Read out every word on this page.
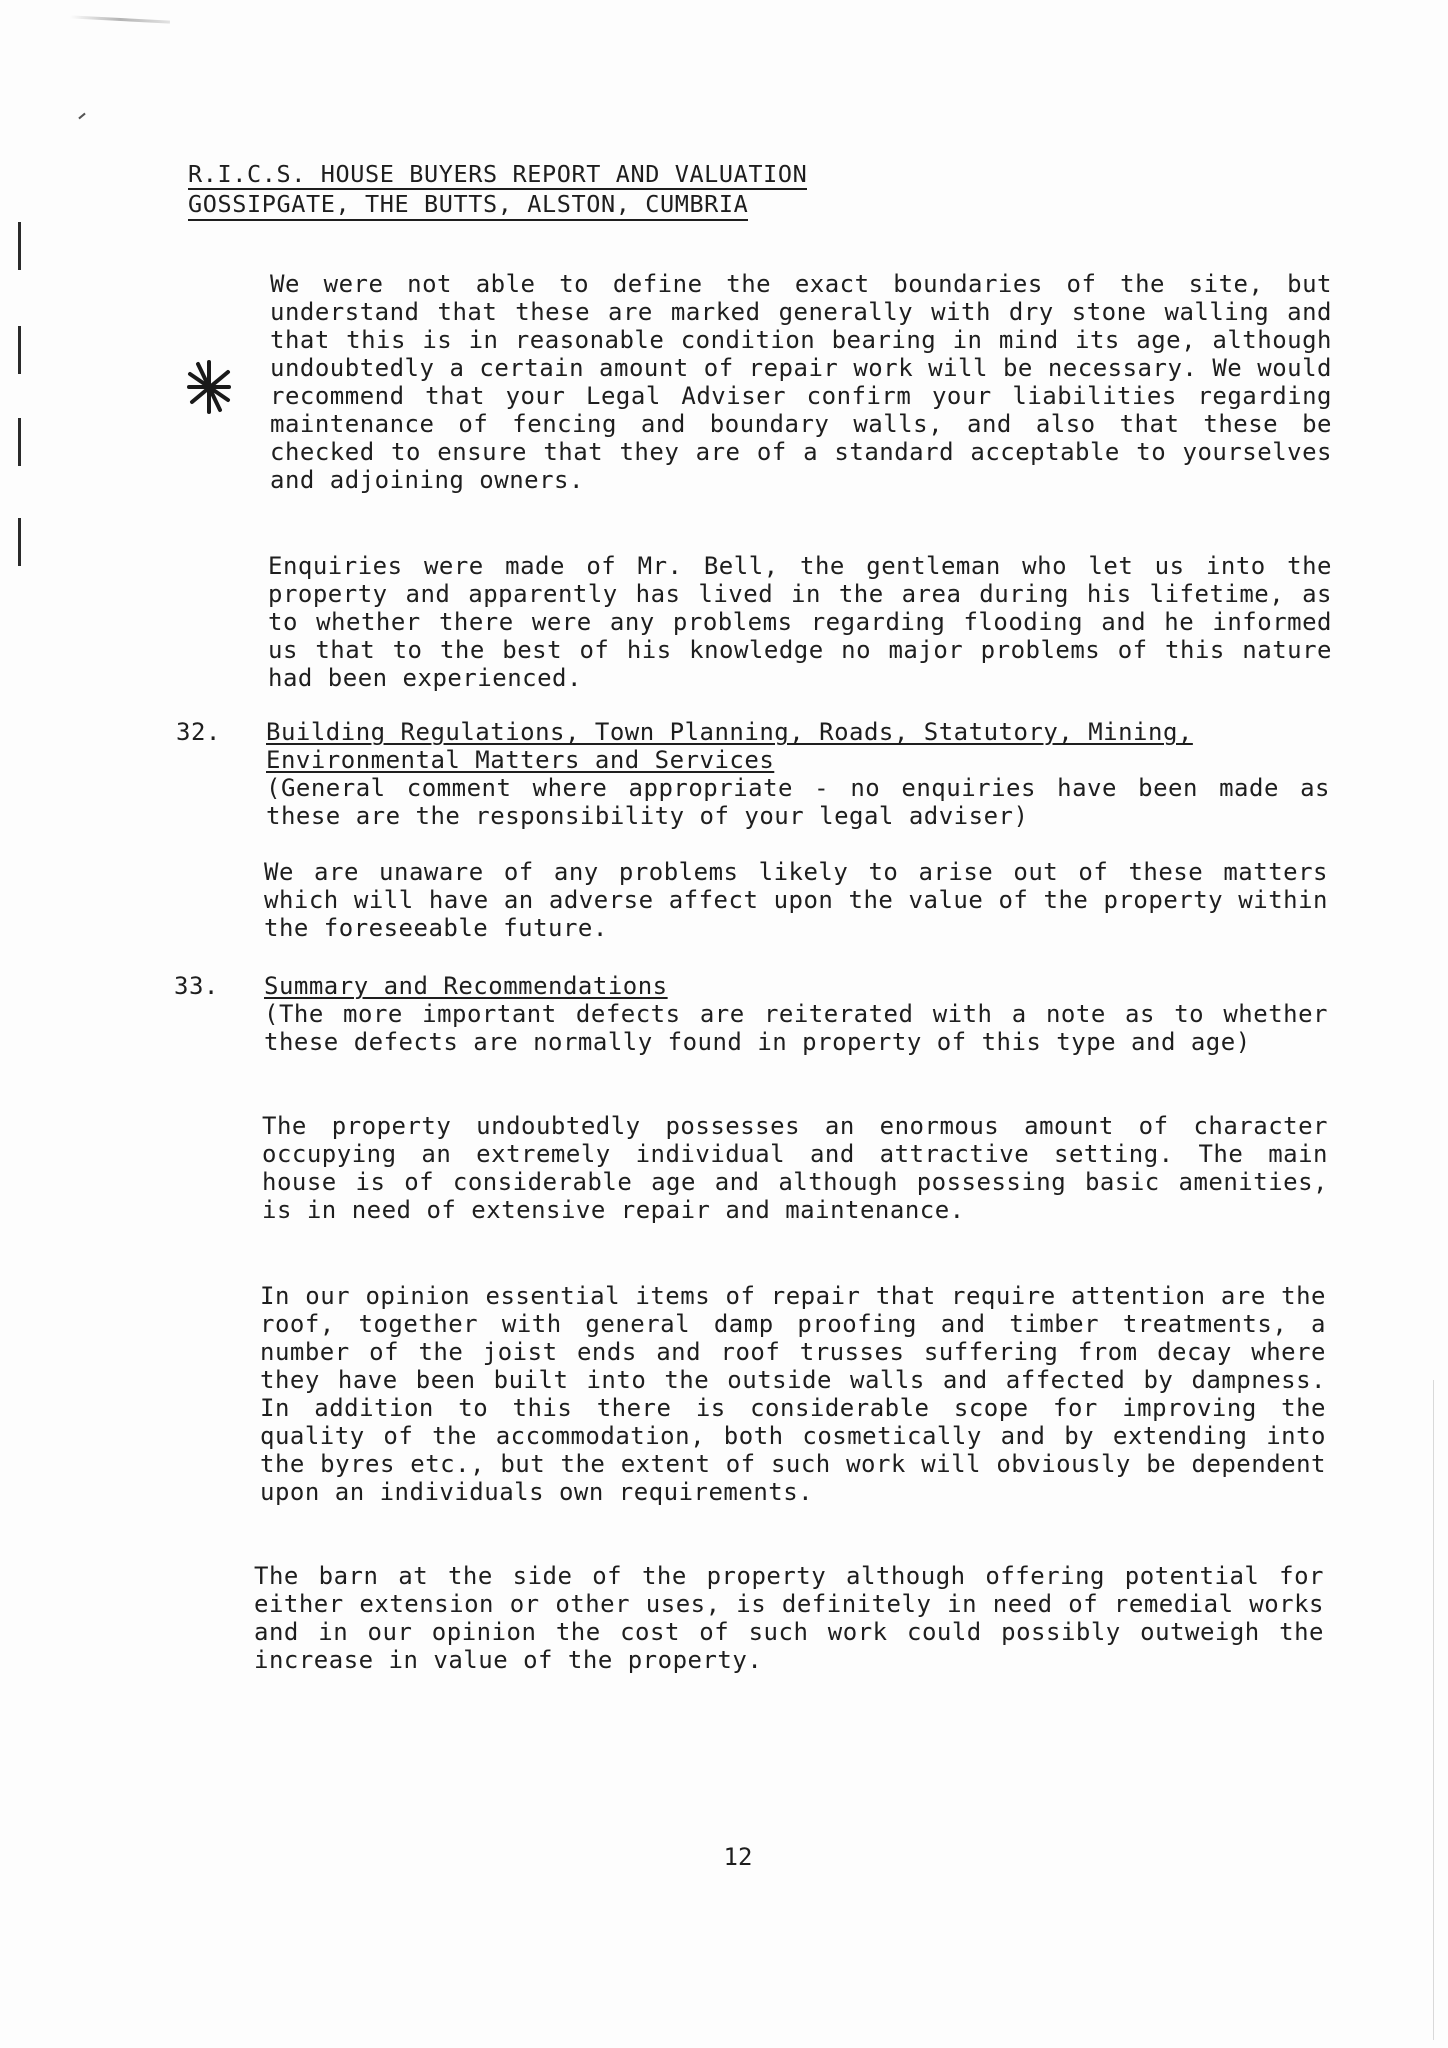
R.I.C.S. HOUSE BUYERS REPORT AND VALUATION
GOSSIPGATE, THE BUTTS, ALSTON, CUMBRIA
We were not able to define the exact boundaries of the site, but understand that these are marked generally with dry stone walling and that this is in reasonable condition bearing in mind its age, although undoubtedly a certain amount of repair work will be necessary. We would recommend that your Legal Adviser confirm your liabilities regarding maintenance of fencing and boundary walls, and also that these be checked to ensure that they are of a standard acceptable to yourselves and adjoining owners.
Enquiries were made of Mr. Bell, the gentleman who let us into the property and apparently has lived in the area during his lifetime, as to whether there were any problems regarding flooding and he informed us that to the best of his knowledge no major problems of this nature had been experienced.
32. Building Regulations, Town Planning, Roads, Statutory, Mining,
Environmental Matters and Services
(General comment where appropriate - no enquiries have been made as these are the responsibility of your legal adviser)
We are unaware of any problems likely to arise out of these matters which will have an adverse affect upon the value of the property within the foreseeable future.
33. Summary and Recommendations
(The more important defects are reiterated with a note as to whether these defects are normally found in property of this type and age)
The property undoubtedly possesses an enormous amount of character occupying an extremely individual and attractive setting. The main house is of considerable age and although possessing basic amenities, is in need of extensive repair and maintenance.
In our opinion essential items of repair that require attention are the roof, together with general damp proofing and timber treatments, a number of the joist ends and roof trusses suffering from decay where they have been built into the outside walls and affected by dampness. In addition to this there is considerable scope for improving the quality of the accommodation, both cosmetically and by extending into the byres etc., but the extent of such work will obviously be dependent upon an individuals own requirements.
The barn at the side of the property although offering potential for either extension or other uses, is definitely in need of remedial works and in our opinion the cost of such work could possibly outweigh the increase in value of the property.
12
